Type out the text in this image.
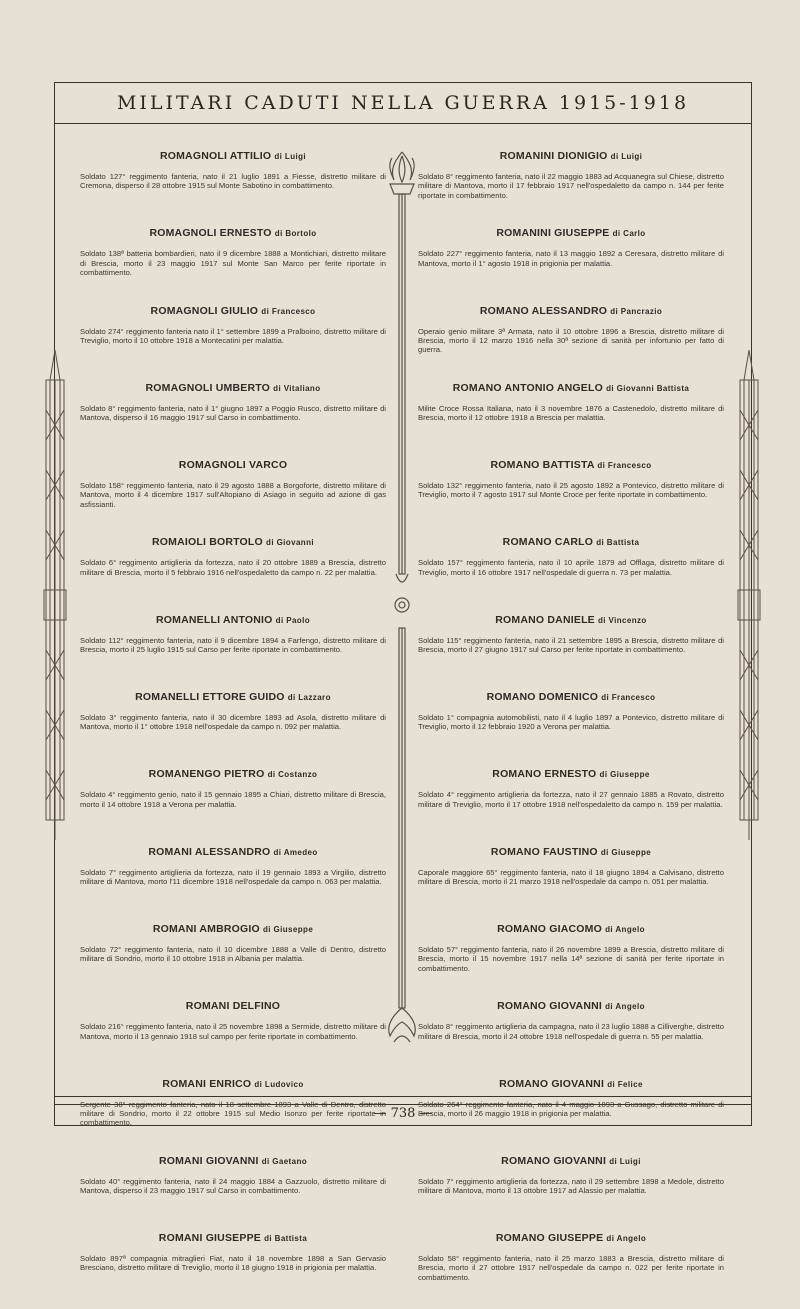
MILITARI CADUTI NELLA GUERRA 1915-1918
ROMAGNOLI ATTILIO di Luigi
Soldato 127° reggimento fanteria, nato il 21 luglio 1891 a Fiesse, distretto militare di Cremona, disperso il 28 ottobre 1915 sul Monte Sabotino in combattimento.
ROMAGNOLI ERNESTO di Bortolo
Soldato 138ª batteria bombardieri, nato il 9 dicembre 1888 a Montichiari, distretto militare di Brescia, morto il 23 maggio 1917 sul Monte San Marco per ferite riportate in combattimento.
ROMAGNOLI GIULIO di Francesco
Soldato 274° reggimento fanteria nato il 1° settembre 1899 a Pralboino, distretto militare di Treviglio, morto il 10 ottobre 1918 a Montecatini per malattia.
ROMAGNOLI UMBERTO di Vitaliano
Soldato 8° reggimento fanteria, nato il 1° giugno 1897 a Poggio Rusco, distretto militare di Mantova, disperso il 16 maggio 1917 sul Carso in combattimento.
ROMAGNOLI VARCO
Soldato 158° reggimento fanteria, nato il 29 agosto 1888 a Borgoforte, distretto militare di Mantova, morto il 4 dicembre 1917 sull'Altopiano di Asiago in seguito ad azione di gas asfissianti.
ROMAIOLI BORTOLO di Giovanni
Soldato 6° reggimento artiglieria da fortezza, nato il 20 ottobre 1889 a Brescia, distretto militare di Brescia, morto il 5 febbraio 1916 nell'ospedaletto da campo n. 22 per malattia.
ROMANELLI ANTONIO di Paolo
Soldato 112° reggimento fanteria, nato il 9 dicembre 1894 a Farfengo, distretto militare di Brescia, morto il 25 luglio 1915 sul Carso per ferite riportate in combattimento.
ROMANELLI ETTORE GUIDO di Lazzaro
Soldato 3° reggimento fanteria, nato il 30 dicembre 1893 ad Asola, distretto militare di Mantova, morto il 1° ottobre 1918 nell'ospedale da campo n. 092 per malattia.
ROMANENGO PIETRO di Costanzo
Soldato 4° reggimento genio, nato il 15 gennaio 1895 a Chiari, distretto militare di Brescia, morto il 14 ottobre 1918 a Verona per malattia.
ROMANI ALESSANDRO di Amedeo
Soldato 7° reggimento artiglieria da fortezza, nato il 19 gennaio 1893 a Virgilio, distretto militare di Mantova, morto l'11 dicembre 1918 nell'ospedale da campo n. 063 per malattia.
ROMANI AMBROGIO di Giuseppe
Soldato 72° reggimento fanteria, nato il 10 dicembre 1888 a Valle di Dentro, distretto militare di Sondrio, morto il 10 ottobre 1918 in Albania per malattia.
ROMANI DELFINO
Soldato 216° reggimento fanteria, nato il 25 novembre 1898 a Sermide, distretto militare di Mantova, morto il 13 gennaio 1918 sul campo per ferite riportate in combattimento.
ROMANI ENRICO di Ludovico
Sergente 38° reggimento fanteria, nato il 18 settembre 1893 a Valle di Dentro, distretto militare di Sondrio, morto il 22 ottobre 1915 sul Medio Isonzo per ferite riportate in combattimento.
ROMANI GIOVANNI di Gaetano
Soldato 40° reggimento fanteria, nato il 24 maggio 1884 a Gazzuolo, distretto militare di Mantova, disperso il 23 maggio 1917 sul Carso in combattimento.
ROMANI GIUSEPPE di Battista
Soldato 897ª compagnia mitraglieri Fiat, nato il 18 novembre 1898 a San Gervasio Bresciano, distretto militare di Treviglio, morto il 18 giugno 1918 in prigionia per malattia.
ROMANINI DIONIGIO di Luigi
Soldato 8° reggimento fanteria, nato il 22 maggio 1883 ad Acquanegra sul Chiese, distretto militare di Mantova, morto il 17 febbraio 1917 nell'ospedaletto da campo n. 144 per ferite riportate in combattimento.
ROMANINI GIUSEPPE di Carlo
Soldato 227° reggimento fanteria, nato il 13 maggio 1892 a Ceresara, distretto militare di Mantova, morto il 1° agosto 1918 in prigionia per malattia.
ROMANO ALESSANDRO di Pancrazio
Operaio genio militare 3ª Armata, nato il 10 ottobre 1896 a Brescia, distretto militare di Brescia, morto il 12 marzo 1916 nella 30ª sezione di sanità per infortunio per fatto di guerra.
ROMANO ANTONIO ANGELO di Giovanni Battista
Milite Croce Rossa Italiana, nato il 3 novembre 1876 a Castenedolo, distretto militare di Brescia, morto il 12 ottobre 1918 a Brescia per malattia.
ROMANO BATTISTA di Francesco
Soldato 132° reggimento fanteria, nato il 25 agosto 1892 a Pontevico, distretto militare di Treviglio, morto il 7 agosto 1917 sul Monte Croce per ferite riportate in combattimento.
ROMANO CARLO di Battista
Soldato 157° reggimento fanteria, nato il 10 aprile 1879 ad Offlaga, distretto militare di Treviglio, morto il 16 ottobre 1917 nell'ospedale di guerra n. 73 per malattia.
ROMANO DANIELE di Vincenzo
Soldato 115° reggimento fanteria, nato il 21 settembre 1895 a Brescia, distretto militare di Brescia, morto il 27 giugno 1917 sul Carso per ferite riportate in combattimento.
ROMANO DOMENICO di Francesco
Soldato 1° compagnia automobilisti, nato il 4 luglio 1897 a Pontevico, distretto militare di Treviglio, morto il 12 febbraio 1920 a Verona per malattia.
ROMANO ERNESTO di Giuseppe
Soldato 4° reggimento artiglieria da fortezza, nato il 27 gennaio 1885 a Rovato, distretto militare di Treviglio, morto il 17 ottobre 1918 nell'ospedaletto da campo n. 159 per malattia.
ROMANO FAUSTINO di Giuseppe
Caporale maggiore 65° reggimento fanteria, nato il 18 giugno 1894 a Calvisano, distretto militare di Brescia, morto il 21 marzo 1918 nell'ospedale da campo n. 051 per malattia.
ROMANO GIACOMO di Angelo
Soldato 57° reggimento fanteria, nato il 26 novembre 1899 a Brescia, distretto militare di Brescia, morto il 15 novembre 1917 nella 14ª sezione di sanità per ferite riportate in combattimento.
ROMANO GIOVANNI di Angelo
Soldato 8° reggimento artiglieria da campagna, nato il 23 luglio 1888 a Cilliverghe, distretto militare di Brescia, morto il 24 ottobre 1918 nell'ospedale di guerra n. 55 per malattia.
ROMANO GIOVANNI di Felice
Soldato 264° reggimento fanteria, nato il 4 maggio 1893 a Gussago, distretto militare di Brescia, morto il 26 maggio 1918 in prigionia per malattia.
ROMANO GIOVANNI di Luigi
Soldato 7° reggimento artiglieria da fortezza, nato il 29 settembre 1898 a Medole, distretto militare di Mantova, morto il 13 ottobre 1917 ad Alassio per malattia.
ROMANO GIUSEPPE di Angelo
Soldato 58° reggimento fanteria, nato il 25 marzo 1883 a Brescia, distretto militare di Brescia, morto il 27 ottobre 1917 nell'ospedale da campo n. 022 per ferite riportate in combattimento.
— 738 —
